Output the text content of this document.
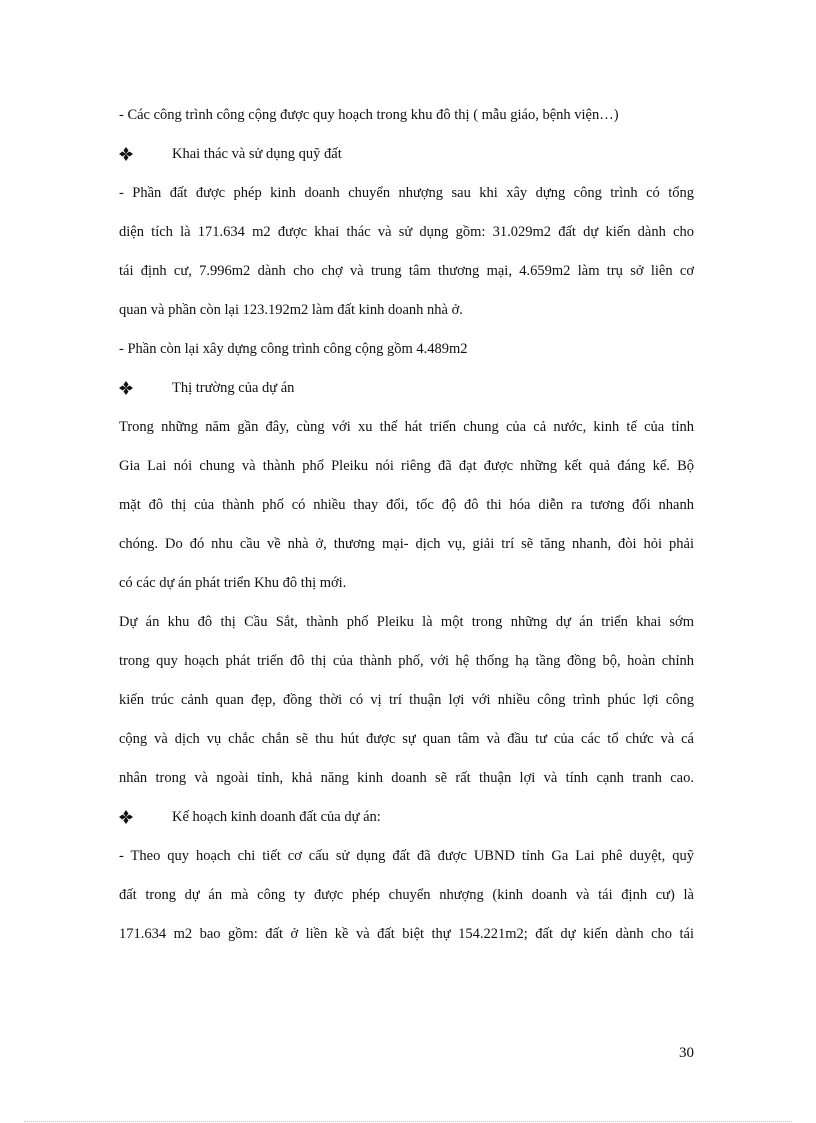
- Các công trình công cộng được quy hoạch trong khu đô thị ( mẫu giáo, bệnh viện…)
Khai thác và sử dụng quỹ đất
- Phần đất được phép kinh doanh chuyển nhượng sau khi xây dựng công trình có tổng
diện tích là 171.634 m2 được khai thác và sử dụng gồm: 31.029m2 đất dự kiến dành cho
tái định cư, 7.996m2 dành cho chợ và trung tâm thương mại, 4.659m2 làm trụ sở liên cơ
quan và phần còn lại 123.192m2 làm đất kinh doanh nhà ở.
- Phần còn lại xây dựng công trình công cộng gồm 4.489m2
Thị trường của dự án
Trong những năm gần đây, cùng với xu thế hát triển chung của cả nước, kinh tế của tỉnh
Gia Lai nói chung và thành phố Pleiku nói riêng đã đạt được những kết quả đáng kể. Bộ
mặt đô thị của thành phố có nhiều thay đổi, tốc độ đô thi hóa diễn ra tương đối nhanh
chóng. Do đó nhu cầu về nhà ở, thương mại- dịch vụ, giải trí sẽ tăng nhanh, đòi hỏi phải
có các dự án phát triển Khu đô thị mới.
Dự án khu đô thị Cầu Sắt, thành phố Pleiku là một trong những dự án triển khai sớm
trong quy hoạch phát triển đô thị của thành phố, với hệ thống hạ tầng đồng bộ, hoàn chỉnh
kiến trúc cảnh quan đẹp, đồng thời có vị trí thuận lợi với nhiều công trình phúc lợi công
cộng và dịch vụ chắc chắn sẽ thu hút được sự quan tâm và đầu tư của các tổ chức và cá
nhân trong và ngoài tỉnh, khả năng kinh doanh sẽ rất thuận lợi và tính cạnh tranh cao.
Kế hoạch kinh doanh đất của dự án:
- Theo quy hoạch chi tiết cơ cấu sử dụng đất đã được UBND tỉnh Ga Lai phê duyệt, quỹ
đất trong dự án mà công ty được phép chuyển nhượng (kinh doanh và tái định cư) là
171.634 m2 bao gồm: đất ở liền kề và đất biệt thự 154.221m2; đất dự kiến dành cho tái
30
